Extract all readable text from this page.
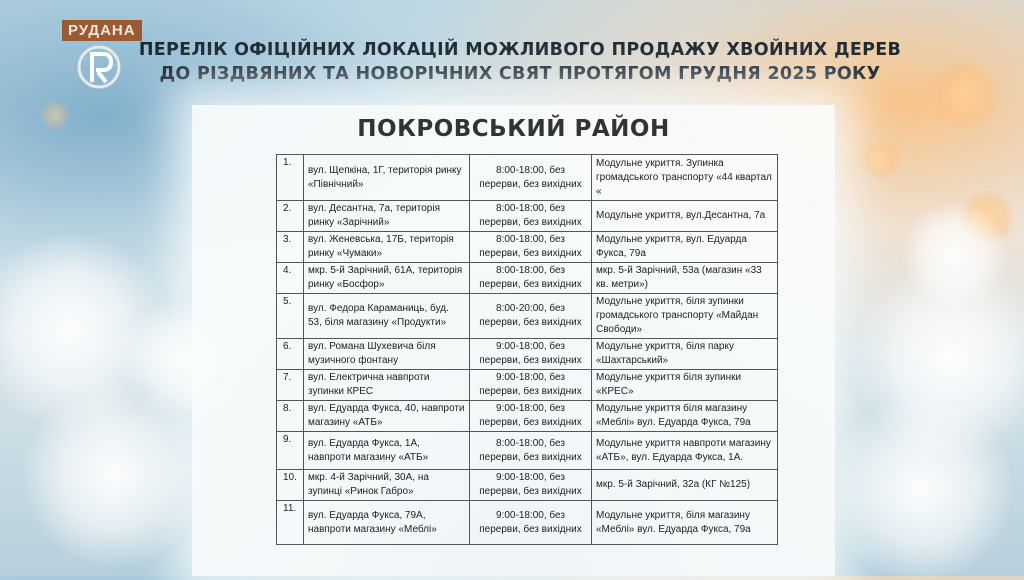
РУДАНА
ПЕРЕЛІК ОФІЦІЙНИХ ЛОКАЦІЙ МОЖЛИВОГО ПРОДАЖУ ХВОЙНИХ ДЕРЕВ
ДО РІЗДВЯНИХ ТА НОВОРІЧНИХ СВЯТ ПРОТЯГОМ ГРУДНЯ 2025 РОКУ
ПОКРОВСЬКИЙ РАЙОН
1.	вул. Щепкіна, 1Г, територія ринку «Північний»	8:00-18:00, без перерви, без вихідних	Модульне укриття. Зупинка громадського транспорту «44 квартал «
2.	вул. Десантна, 7а, територія ринку «Зарічний»	8:00-18:00, без перерви, без вихідних	Модульне укриття, вул.Десантна, 7а
3.	вул. Женевська, 17Б, територія ринку «Чумаки»	8:00-18:00, без перерви, без вихідних	Модульне укриття, вул. Едуарда Фукса, 79а
4.	мкр. 5-й Зарічний, 61А, територія ринку «Босфор»	8:00-18:00, без перерви, без вихідних	мкр. 5-й Зарічний, 53а (магазин «33 кв. метри»)
5.	вул. Федора Караманиць, буд. 53, біля магазину «Продукти»	8:00-20:00, без перерви, без вихідних	Модульне укриття, біля зупинки громадського транспорту «Майдан Свободи»
6.	вул. Романа Шухевича біля музичного фонтану	9:00-18:00, без перерви, без вихідних	Модульне укриття, біля парку «Шахтарський»
7.	вул. Електрична навпроти зупинки КРЕС	9:00-18:00, без перерви, без вихідних	Модульне укриття біля зупинки «КРЕС»
8.	вул. Едуарда Фукса, 40, навпроти магазину «АТБ»	9:00-18:00, без перерви, без вихідних	Модульне укриття біля магазину «Меблі» вул. Едуарда Фукса, 79а
9.	вул. Едуарда Фукса, 1А, навпроти магазину «АТБ»	8:00-18:00, без перерви, без вихідних	Модульне укриття навпроти магазину «АТБ», вул. Едуарда Фукса, 1А.
10.	мкр. 4-й Зарічний, 30А, на зупинці «Ринок Габро»	9:00-18:00, без перерви, без вихідних	мкр. 5-й Зарічний, 32а (КГ №125)
11.	вул. Едуарда Фукса, 79А, навпроти магазину «Меблі»	9:00-18:00, без перерви, без вихідних	Модульне укриття, біля магазину «Меблі» вул. Едуарда Фукса, 79а
